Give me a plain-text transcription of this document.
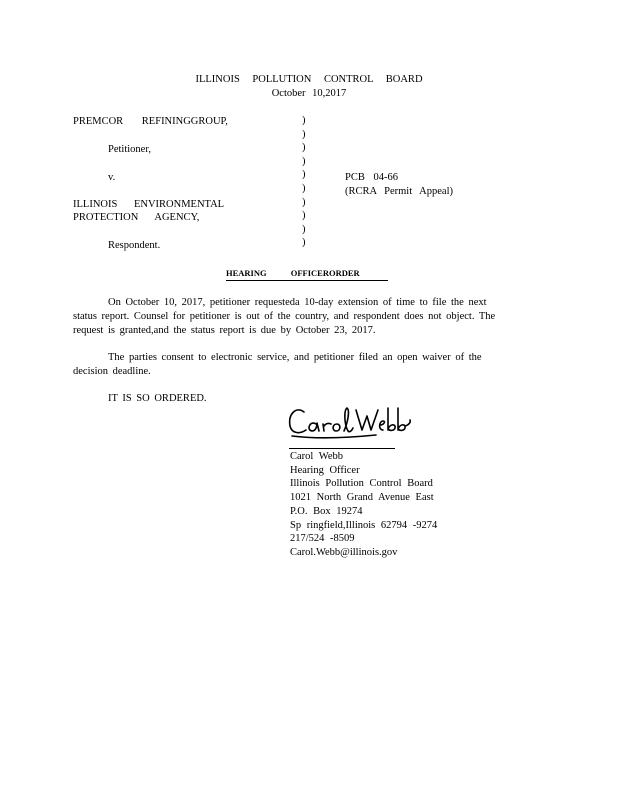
ILLINOIS POLLUTION CONTROL BOARD
October 10,2017
PREMCOR REFININGGROUP,
Petitioner,
v.
ILLINOIS ENVIRONMENTAL
PROTECTION AGENCY,
Respondent.
)
)
)
)
)
)
)
)
)
)
PCB 04-66
(RCRA Permit Appeal)
HEARING OFFICERORDER
On October 10, 2017, petitioner requesteda 10-day extension of time to file the next
status report. Counsel for petitioner is out of the country, and respondent does not object. The
request is granted,and the status report is due by October 23, 2017.
The parties consent to electronic service, and petitioner filed an open waiver of the
decision deadline.
IT IS SO ORDERED.
Carol Webb
Hearing Officer
Illinois Pollution Control Board
1021 North Grand Avenue East
P.O. Box 19274
Sp ringfield,Illinois 62794 -9274
217/524 -8509
Carol.Webb@illinois.gov
